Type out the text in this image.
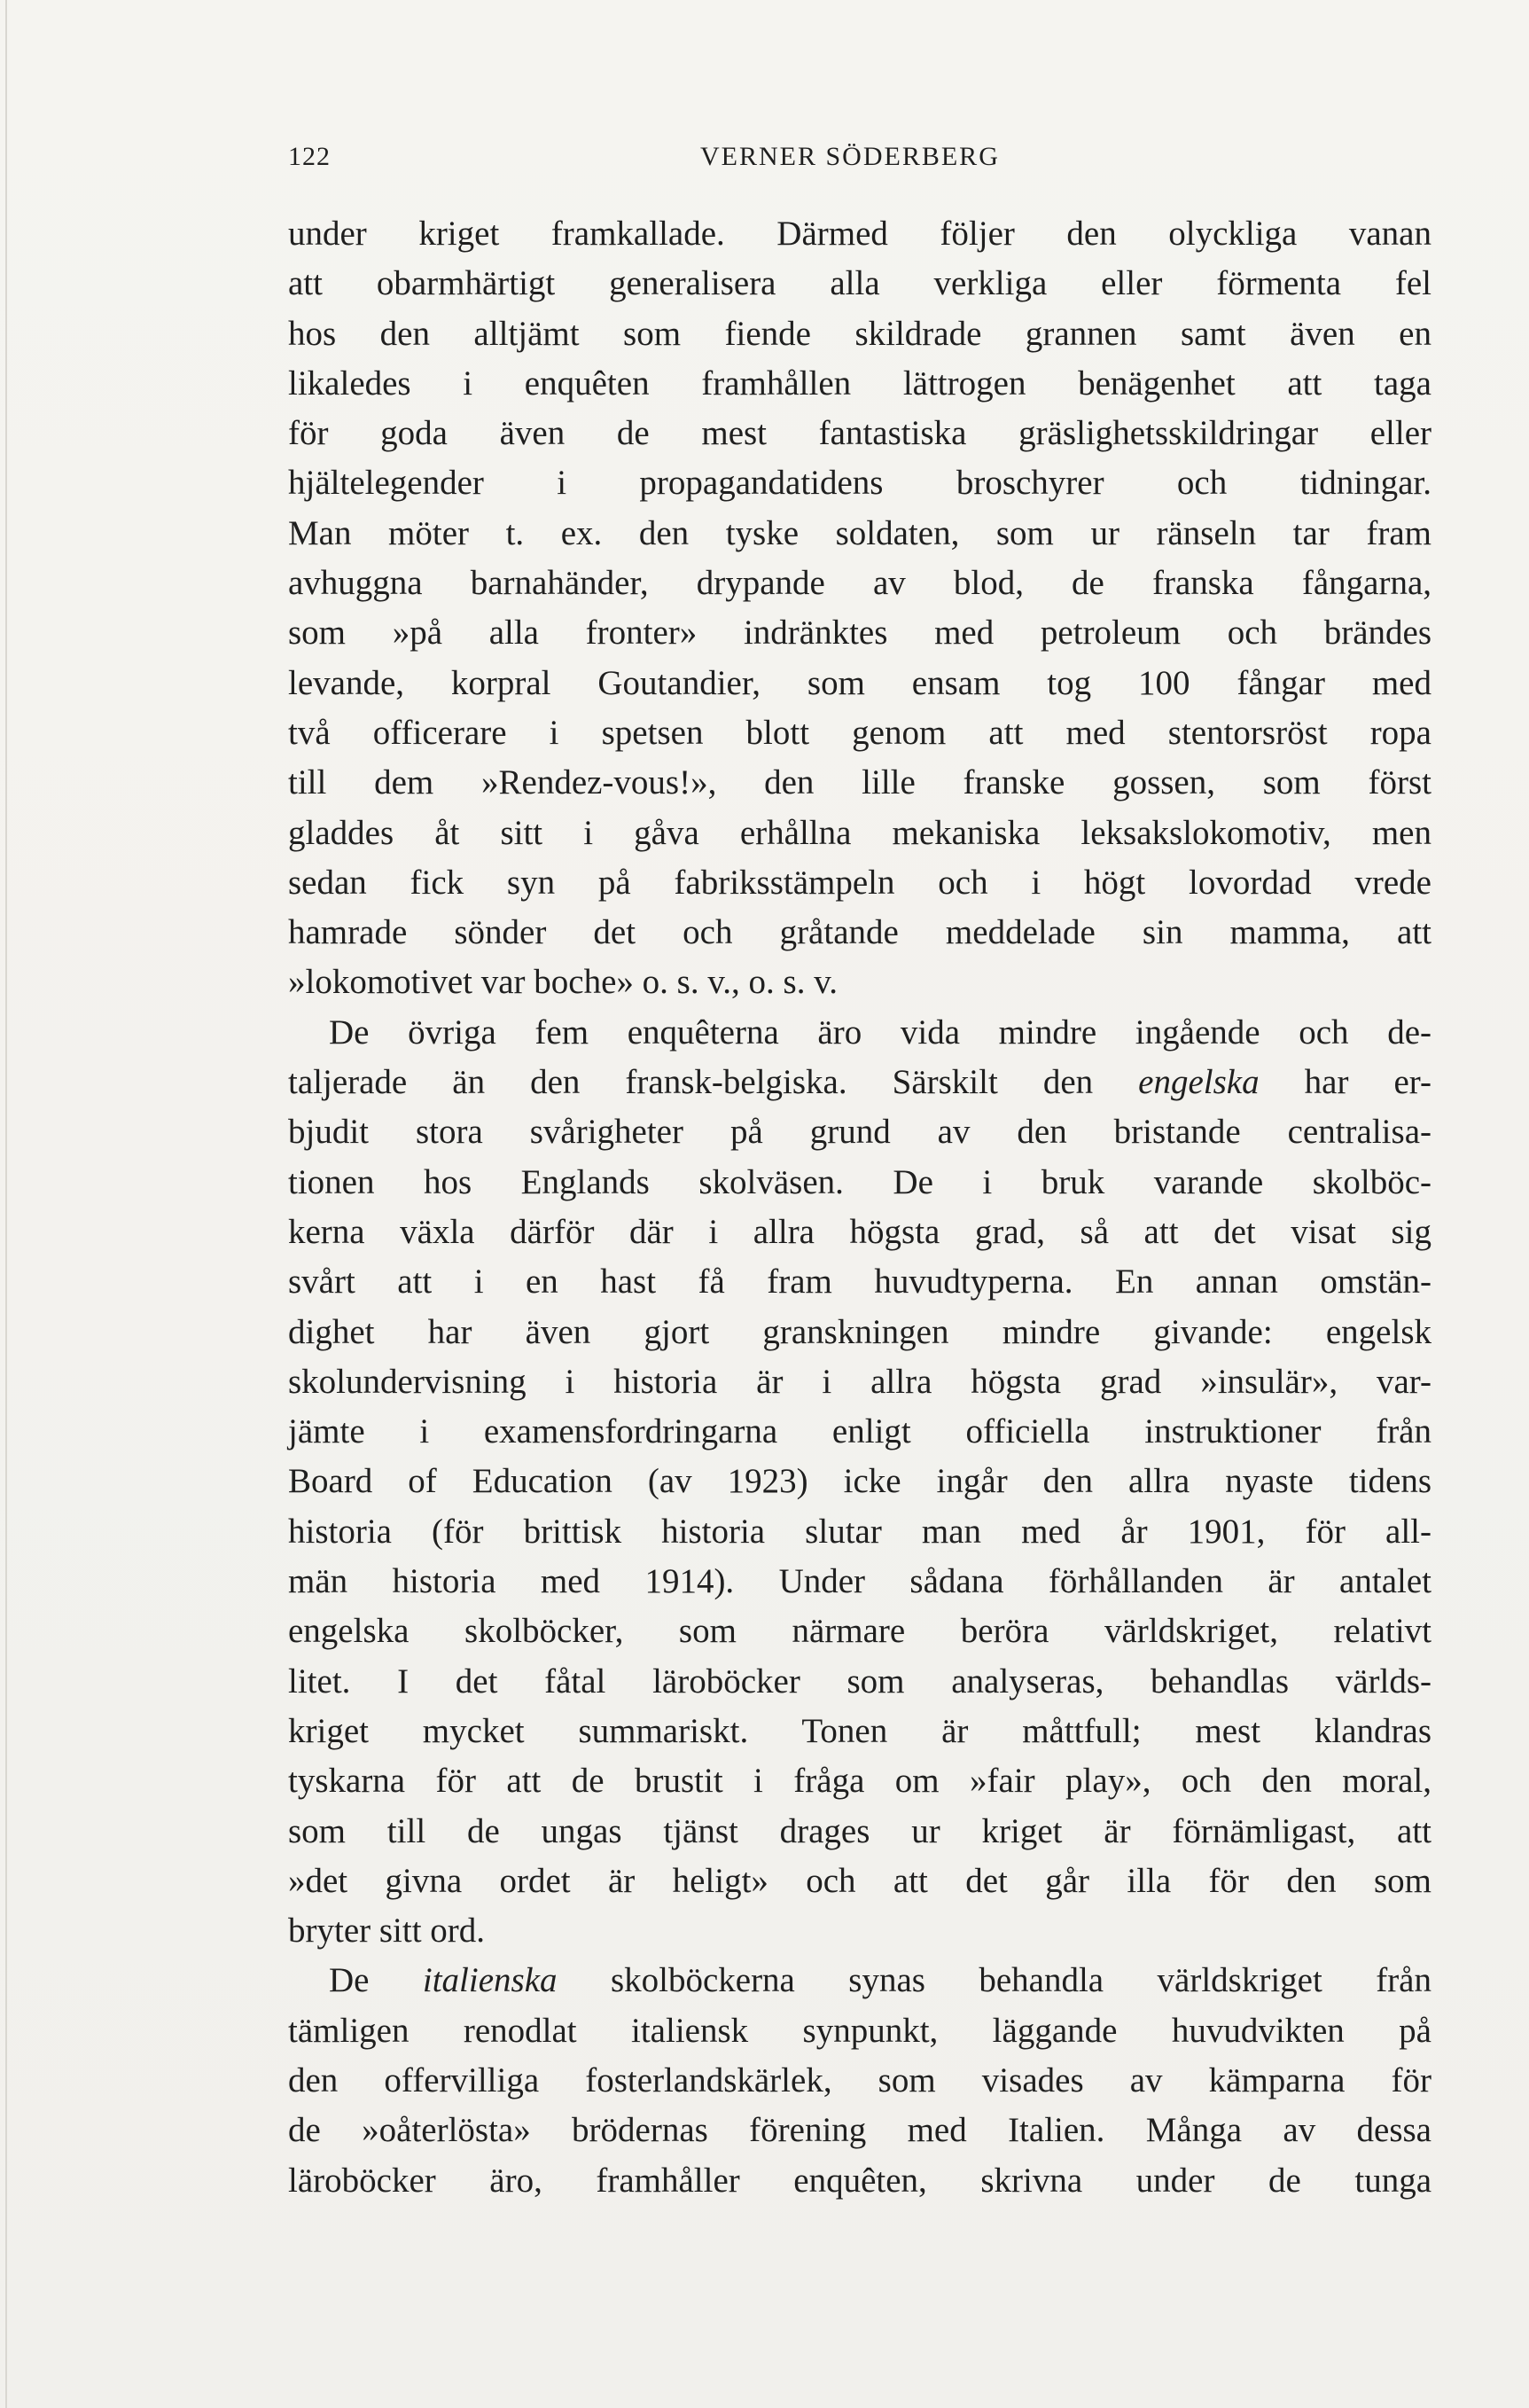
122	VERNER SÖDERBERG
under kriget framkallade. Därmed följer den olyckliga vanan
att obarmhärtigt generalisera alla verkliga eller förmenta fel
hos den alltjämt som fiende skildrade grannen samt även en
likaledes i enquêten framhållen lättrogen benägenhet att taga
för goda även de mest fantastiska gräslighetsskildringar eller
hjältelegender i propagandatidens broschyrer och tidningar.
Man möter t. ex. den tyske soldaten, som ur ränseln tar fram
avhuggna barnahänder, drypande av blod, de franska fångarna,
som »på alla fronter» indränktes med petroleum och brändes
levande, korpral Goutandier, som ensam tog 100 fångar med
två officerare i spetsen blott genom att med stentorsröst ropa
till dem »Rendez-vous!», den lille franske gossen, som först
gladdes åt sitt i gåva erhållna mekaniska leksakslokomotiv, men
sedan fick syn på fabriksstämpeln och i högt lovordad vrede
hamrade sönder det och gråtande meddelade sin mamma, att
»lokomotivet var boche» o. s. v., o. s. v.
De övriga fem enquêterna äro vida mindre ingående och de-
taljerade än den fransk-belgiska. Särskilt den engelska har er-
bjudit stora svårigheter på grund av den bristande centralisa-
tionen hos Englands skolväsen. De i bruk varande skolböc-
kerna växla därför där i allra högsta grad, så att det visat sig
svårt att i en hast få fram huvudtyperna. En annan omstän-
dighet har även gjort granskningen mindre givande: engelsk
skolundervisning i historia är i allra högsta grad »insulär», var-
jämte i examensfordringarna enligt officiella instruktioner från
Board of Education (av 1923) icke ingår den allra nyaste tidens
historia (för brittisk historia slutar man med år 1901, för all-
män historia med 1914). Under sådana förhållanden är antalet
engelska skolböcker, som närmare beröra världskriget, relativt
litet. I det fåtal läroböcker som analyseras, behandlas världs-
kriget mycket summariskt. Tonen är måttfull; mest klandras
tyskarna för att de brustit i fråga om »fair play», och den moral,
som till de ungas tjänst drages ur kriget är förnämligast, att
»det givna ordet är heligt» och att det går illa för den som
bryter sitt ord.
De italienska skolböckerna synas behandla världskriget från
tämligen renodlat italiensk synpunkt, läggande huvudvikten på
den offervilliga fosterlandskärlek, som visades av kämparna för
de »oåterlösta» brödernas förening med Italien. Många av dessa
läroböcker äro, framhåller enquêten, skrivna under de tunga
